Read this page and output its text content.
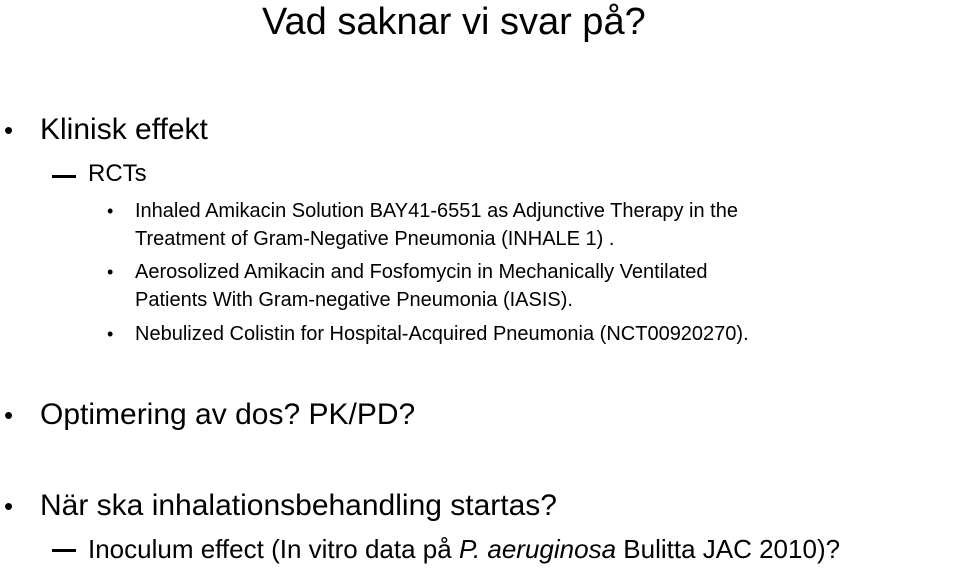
Vad saknar vi svar på?
• Klinisk effekt
RCTs
• Inhaled Amikacin Solution BAY41-6551 as Adjunctive Therapy in the
Treatment of Gram-Negative Pneumonia (INHALE 1) .
• Aerosolized Amikacin and Fosfomycin in Mechanically Ventilated
Patients With Gram-negative Pneumonia (IASIS).
• Nebulized Colistin for Hospital-Acquired Pneumonia (NCT00920270).
• Optimering av dos? PK/PD?
• När ska inhalationsbehandling startas?
Inoculum effect (In vitro data på P. aeruginosa Bulitta JAC 2010)?
